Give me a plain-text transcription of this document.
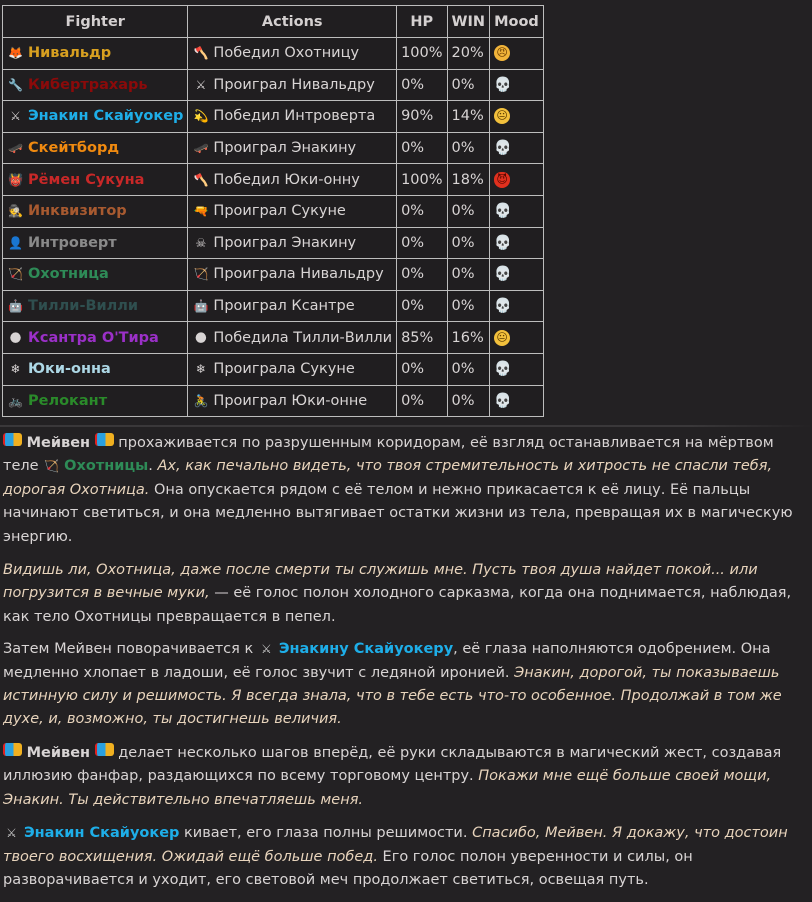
Fighter	Actions	HP	WIN	Mood
🦊 Нивальдр	🪓 Победил Охотницу	100%	20%	😠
🔧 Кибертрахарь	⚔ Проиграл Нивальдру	0%	0%	💀
⚔ Энакин Скайуокер	💫 Победил Интроверта	90%	14%	😐
🛹 Скейтборд	🛹 Проиграл Энакину	0%	0%	💀
👹 Рёмен Сукуна	🪓 Победил Юки-онну	100%	18%	😈
🕵 Инквизитор	🔫 Проиграл Сукуне	0%	0%	💀
👤 Интроверт	☠ Проиграл Энакину	0%	0%	💀
🏹 Охотница	🏹 Проиграла Нивальдру	0%	0%	💀
🤖 Тилли-Вилли	🤖 Проиграл Ксантре	0%	0%	💀
🌑 Ксантра О'Тира	🌑 Победила Тилли-Вилли	85%	16%	😐
❄ Юки-онна	❄ Проиграла Сукуне	0%	0%	💀
🚲 Релокант	🚴 Проиграл Юки-онне	0%	0%	💀

Мейвен  прохаживается по разрушенным коридорам, её взгляд останавливается на мёртвом теле 🏹 Охотницы. Ах, как печально видеть, что твоя стремительность и хитрость не спасли тебя, дорогая Охотница. Она опускается рядом с её телом и нежно прикасается к её лицу. Её пальцы начинают светиться, и она медленно вытягивает остатки жизни из тела, превращая их в магическую энергию.

Видишь ли, Охотница, даже после смерти ты служишь мне. Пусть твоя душа найдет покой... или погрузится в вечные муки, — её голос полон холодного сарказма, когда она поднимается, наблюдая, как тело Охотницы превращается в пепел.

Затем Мейвен поворачивается к ⚔ Энакину Скайуокеру, её глаза наполняются одобрением. Она медленно хлопает в ладоши, её голос звучит с ледяной иронией. Энакин, дорогой, ты показываешь истинную силу и решимость. Я всегда знала, что в тебе есть что-то особенное. Продолжай в том же духе, и, возможно, ты достигнешь величия.

Мейвен  делает несколько шагов вперёд, её руки складываются в магический жест, создавая иллюзию фанфар, раздающихся по всему торговому центру. Покажи мне ещё больше своей мощи, Энакин. Ты действительно впечатляешь меня.

⚔ Энакин Скайуокер кивает, его глаза полны решимости. Спасибо, Мейвен. Я докажу, что достоин твоего восхищения. Ожидай ещё больше побед. Его голос полон уверенности и силы, он разворачивается и уходит, его световой меч продолжает светиться, освещая путь.
